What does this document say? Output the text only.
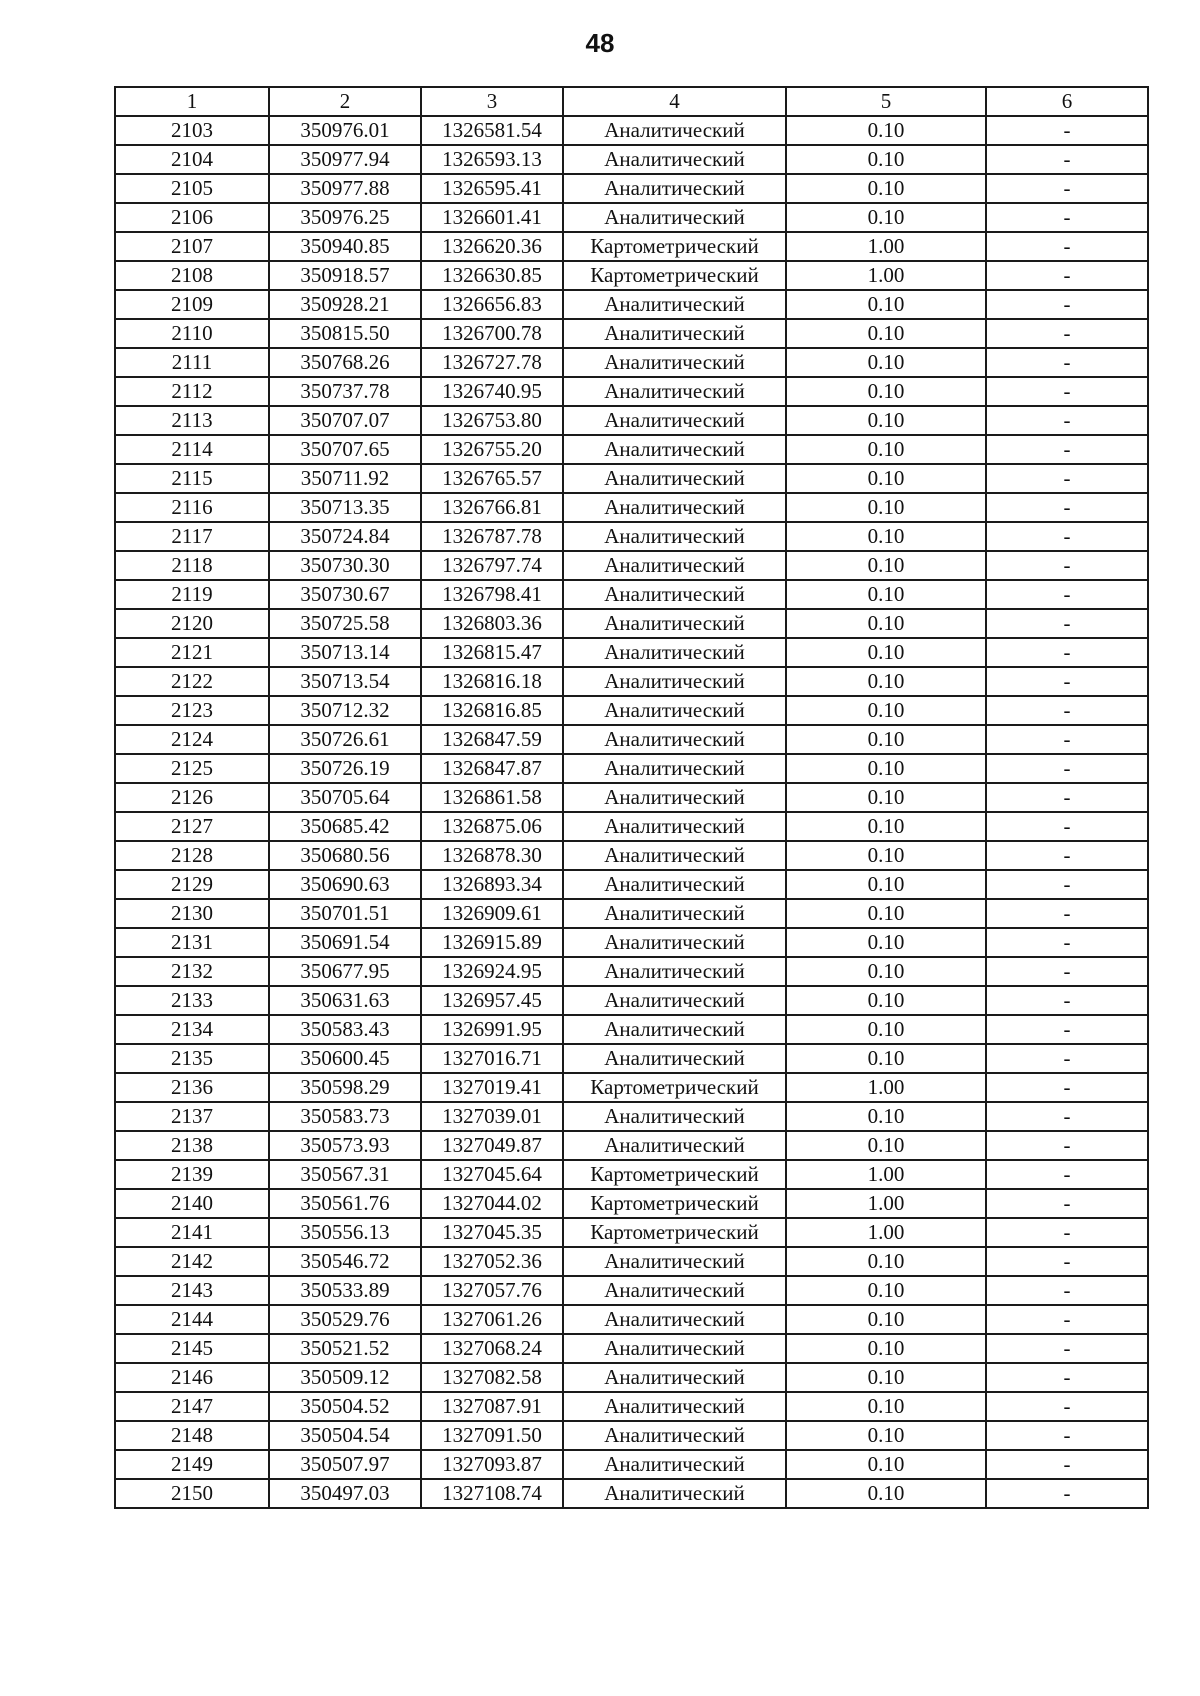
48
1	2	3	4	5	6
2103	350976.01	1326581.54	Аналитический	0.10	-
2104	350977.94	1326593.13	Аналитический	0.10	-
2105	350977.88	1326595.41	Аналитический	0.10	-
2106	350976.25	1326601.41	Аналитический	0.10	-
2107	350940.85	1326620.36	Картометрический	1.00	-
2108	350918.57	1326630.85	Картометрический	1.00	-
2109	350928.21	1326656.83	Аналитический	0.10	-
2110	350815.50	1326700.78	Аналитический	0.10	-
2111	350768.26	1326727.78	Аналитический	0.10	-
2112	350737.78	1326740.95	Аналитический	0.10	-
2113	350707.07	1326753.80	Аналитический	0.10	-
2114	350707.65	1326755.20	Аналитический	0.10	-
2115	350711.92	1326765.57	Аналитический	0.10	-
2116	350713.35	1326766.81	Аналитический	0.10	-
2117	350724.84	1326787.78	Аналитический	0.10	-
2118	350730.30	1326797.74	Аналитический	0.10	-
2119	350730.67	1326798.41	Аналитический	0.10	-
2120	350725.58	1326803.36	Аналитический	0.10	-
2121	350713.14	1326815.47	Аналитический	0.10	-
2122	350713.54	1326816.18	Аналитический	0.10	-
2123	350712.32	1326816.85	Аналитический	0.10	-
2124	350726.61	1326847.59	Аналитический	0.10	-
2125	350726.19	1326847.87	Аналитический	0.10	-
2126	350705.64	1326861.58	Аналитический	0.10	-
2127	350685.42	1326875.06	Аналитический	0.10	-
2128	350680.56	1326878.30	Аналитический	0.10	-
2129	350690.63	1326893.34	Аналитический	0.10	-
2130	350701.51	1326909.61	Аналитический	0.10	-
2131	350691.54	1326915.89	Аналитический	0.10	-
2132	350677.95	1326924.95	Аналитический	0.10	-
2133	350631.63	1326957.45	Аналитический	0.10	-
2134	350583.43	1326991.95	Аналитический	0.10	-
2135	350600.45	1327016.71	Аналитический	0.10	-
2136	350598.29	1327019.41	Картометрический	1.00	-
2137	350583.73	1327039.01	Аналитический	0.10	-
2138	350573.93	1327049.87	Аналитический	0.10	-
2139	350567.31	1327045.64	Картометрический	1.00	-
2140	350561.76	1327044.02	Картометрический	1.00	-
2141	350556.13	1327045.35	Картометрический	1.00	-
2142	350546.72	1327052.36	Аналитический	0.10	-
2143	350533.89	1327057.76	Аналитический	0.10	-
2144	350529.76	1327061.26	Аналитический	0.10	-
2145	350521.52	1327068.24	Аналитический	0.10	-
2146	350509.12	1327082.58	Аналитический	0.10	-
2147	350504.52	1327087.91	Аналитический	0.10	-
2148	350504.54	1327091.50	Аналитический	0.10	-
2149	350507.97	1327093.87	Аналитический	0.10	-
2150	350497.03	1327108.74	Аналитический	0.10	-
